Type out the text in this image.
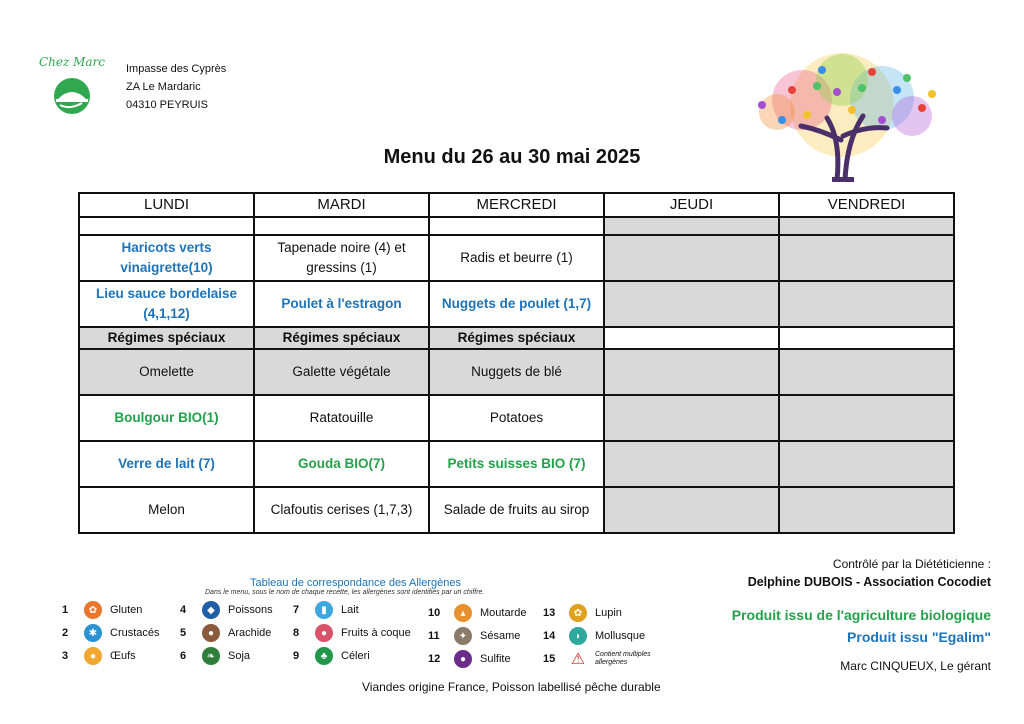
Chez Marc	Impasse des Cyprès
ZA Le Mardaric
04310 PEYRUIS
Menu du 26 au 30 mai 2025
LUNDI	MARDI	MERCREDI	JEUDI	VENDREDI

Haricots verts vinaigrette(10)	Tapenade noire (4) et gressins (1)	Radis et beurre (1)		
Lieu sauce bordelaise (4,1,12)	Poulet à l'estragon	Nuggets de poulet (1,7)		
Régimes spéciaux	Régimes spéciaux	Régimes spéciaux		
Omelette	Galette végétale	Nuggets de blé		
Boulgour BIO(1)	Ratatouille	Potatoes		
Verre de lait (7)	Gouda BIO(7)	Petits suisses BIO (7)		
Melon	Clafoutis cerises (1,7,3)	Salade de fruits au sirop		
Tableau de correspondance des Allergènes
Dans le menu, sous le nom de chaque recette, les allergènes sont identifiés par un chiffre.
1	✿	Gluten
2	✱	Crustacés
3	●	Œufs
4	◆	Poissons
5	●	Arachide
6	❧	Soja
7	▮	Lait
8	●	Fruits à coque
9	♣	Céleri
10	▴	Moutarde
11	✦	Sésame
12	●	Sulfite
13	✿	Lupin
14	◗	Mollusque
15 ⚠ Contient multiples allergènes
Viandes origine France, Poisson labellisé pêche durable
Contrôlé par la Diététicienne :
Delphine DUBOIS - Association Cocodiet
Produit issu de l'agriculture biologique
Produit issu "Egalim"
Marc CINQUEUX, Le gérant
